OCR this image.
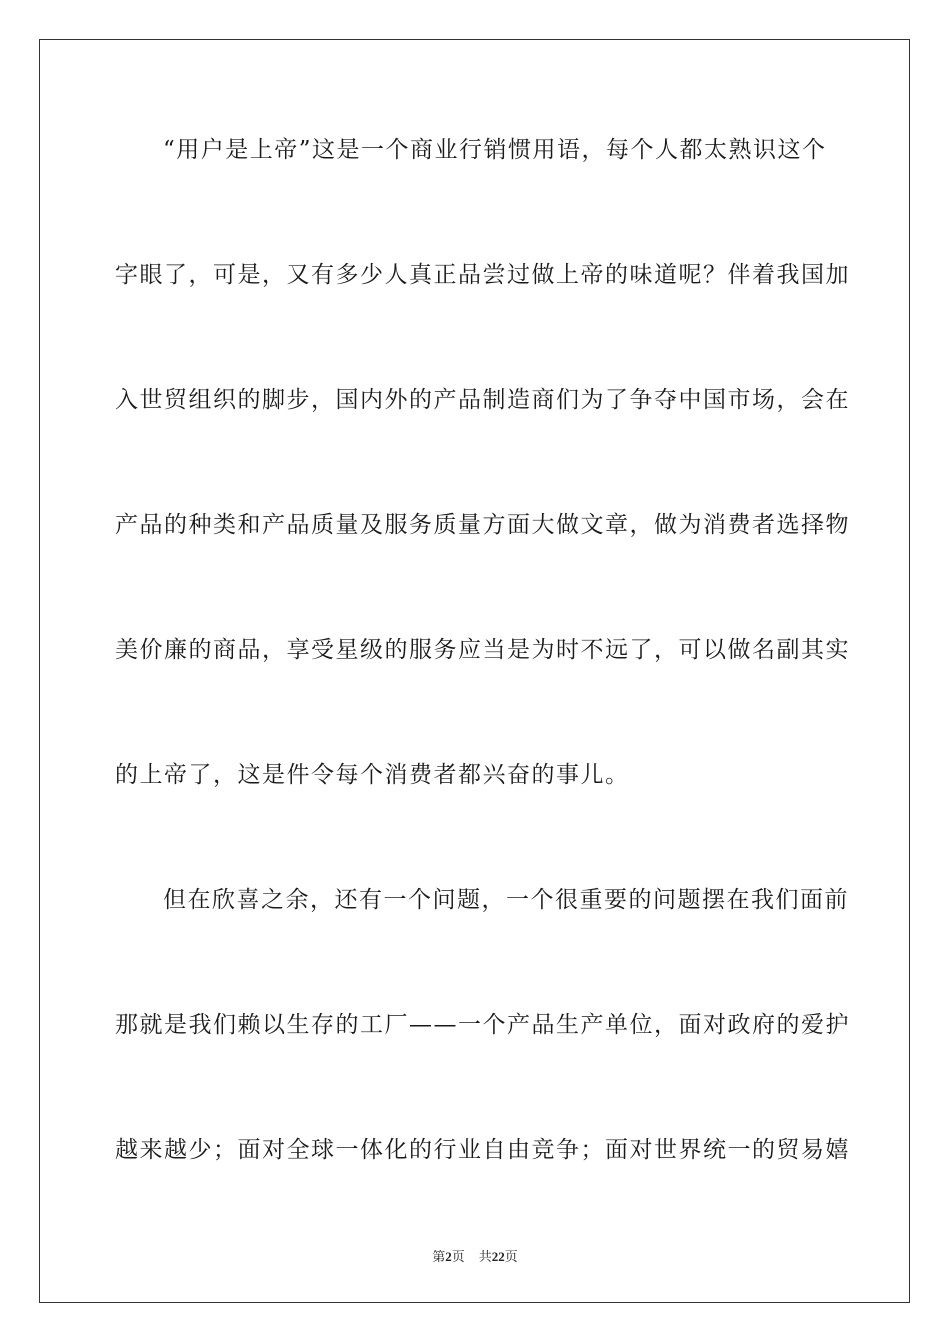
“用户是上帝”这是一个商业行销惯用语，每个人都太熟识这个
字眼了，可是，又有多少人真正品尝过做上帝的味道呢？伴着我国加
入世贸组织的脚步，国内外的产品制造商们为了争夺中国市场，会在
产品的种类和产品质量及服务质量方面大做文章，做为消费者选择物
美价廉的商品，享受星级的服务应当是为时不远了，可以做名副其实
的上帝了，这是件令每个消费者都兴奋的事儿。
但在欣喜之余，还有一个问题，一个很重要的问题摆在我们面前
那就是我们赖以生存的工厂——一个产品生产单位，面对政府的爱护
越来越少；面对全球一体化的行业自由竞争；面对世界统一的贸易嬉
第2页 共22页
